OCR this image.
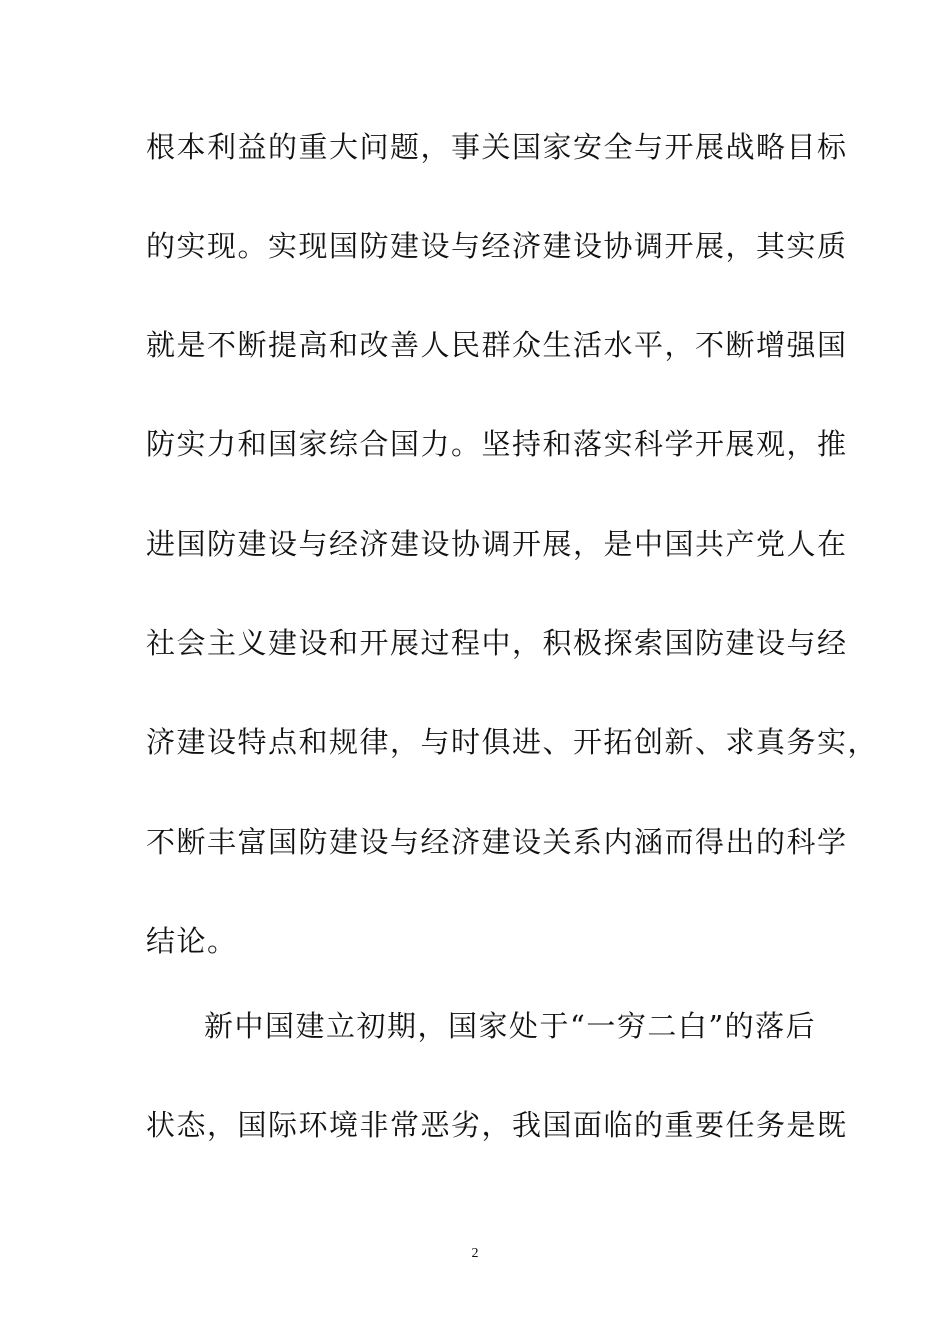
根本利益的重大问题，事关国家安全与开展战略目标
的实现。实现国防建设与经济建设协调开展，其实质
就是不断提高和改善人民群众生活水平，不断增强国
防实力和国家综合国力。坚持和落实科学开展观，推
进国防建设与经济建设协调开展，是中国共产党人在
社会主义建设和开展过程中，积极探索国防建设与经
济建设特点和规律，与时俱进、开拓创新、求真务实，
不断丰富国防建设与经济建设关系内涵而得出的科学
结论。
新中国建立初期，国家处于“一穷二白”的落后
状态，国际环境非常恶劣，我国面临的重要任务是既
2
